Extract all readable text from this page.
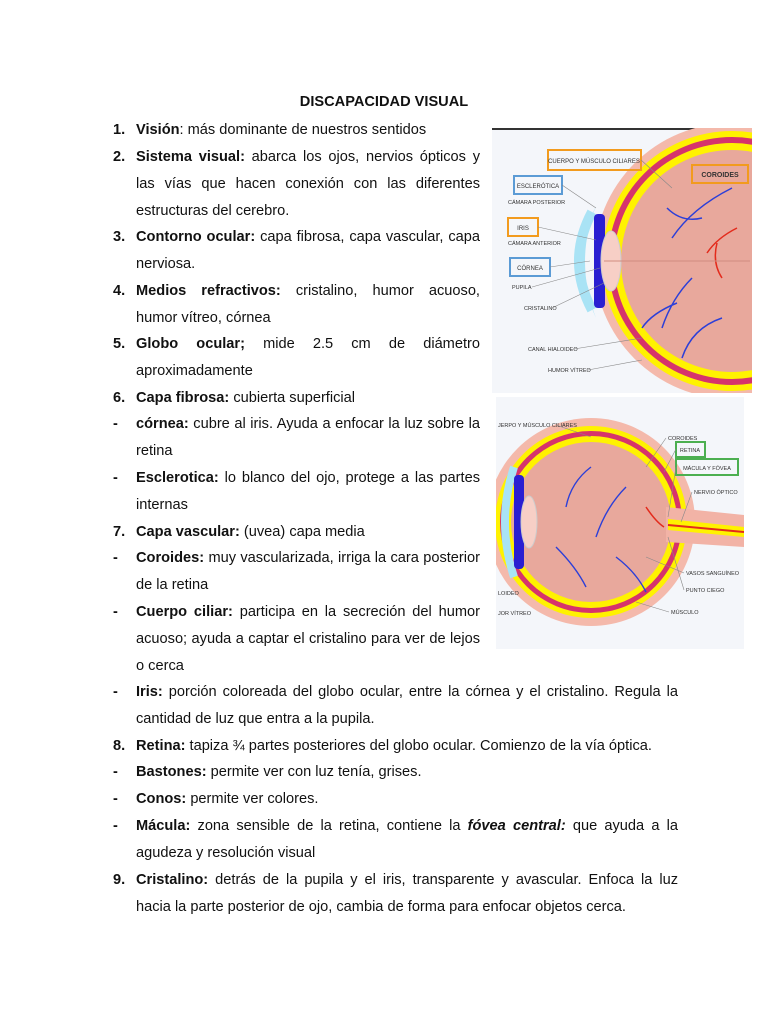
DISCAPACIDAD VISUAL
1. Visión: más dominante de nuestros sentidos
2. Sistema visual: abarca los ojos, nervios ópticos y las vías que hacen conexión con las diferentes estructuras del cerebro.
3. Contorno ocular: capa fibrosa, capa vascular, capa nerviosa.
4. Medios refractivos: cristalino, humor acuoso, humor vítreo, córnea
5. Globo ocular; mide 2.5 cm de diámetro aproximadamente
6. Capa fibrosa: cubierta superficial
-	córnea: cubre al iris. Ayuda a enfocar la luz sobre la retina
-	Esclerotica: lo blanco del ojo, protege a las partes internas
7. Capa vascular: (uvea) capa media
-	Coroides: muy vascularizada, irriga la cara posterior de la retina
-	Cuerpo ciliar: participa en la secreción del humor acuoso; ayuda a captar el cristalino para ver de lejos o cerca
-	Iris: porción coloreada del globo ocular, entre la córnea y el cristalino. Regula la cantidad de luz que entra a la pupila.
8. Retina: tapiza ¾ partes posteriores del globo ocular. Comienzo de la vía óptica.
-	Bastones: permite ver con luz tenía, grises.
-	Conos: permite ver colores.
-	Mácula: zona sensible de la retina, contiene la fóvea central: que ayuda a la agudeza y resolución visual
9. Cristalino: detrás de la pupila y el iris, transparente y avascular. Enfoca la luz hacia la parte posterior de ojo, cambia de forma para enfocar objetos cerca.
CUERPO Y MÚSCULO CILIARES
COROIDES
ESCLERÓTICA
CÁMARA POSTERIOR
IRIS
CÁMARA ANTERIOR
CÓRNEA
PUPILA
CRISTALINO
CANAL HIALOIDEO
HUMOR VÍTREO
JERPO Y MÚSCULO CILIARES
COROIDES
RETINA
MÁCULA Y FÓVEA
NERVIO ÓPTICO
VASOS SANGUÍNEO
PUNTO CIEGO
MÚSCULO
LOIDEO
JOR VÍTREO
